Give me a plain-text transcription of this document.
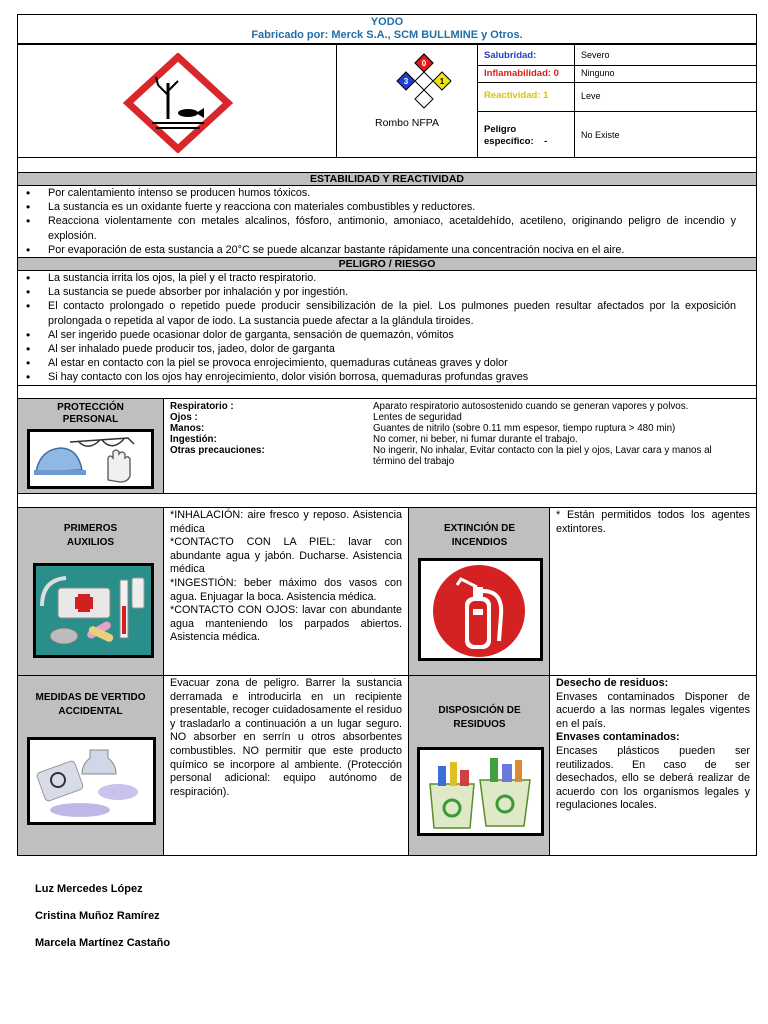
YODO
Fabricado por: Merck S.A., SCM BULLMINE y Otros.
3
0
1
Rombo NFPA
Salubridad:	Severo
Inflamabilidad: 0 Ninguno
Reactividad: 1	Leve
Peligro específico:    -
No Existe
ESTABILIDAD Y REACTIVIDAD
• Por calentamiento intenso se producen humos tóxicos.
• La sustancia es un oxidante fuerte y reacciona con materiales combustibles y reductores.
• Reacciona violentamente con metales alcalinos, fósforo, antimonio, amoniaco, acetaldehído, acetileno, originando peligro de incendio y explosión.
• Por evaporación de esta sustancia a 20°C se puede alcanzar bastante rápidamente una concentración nociva en el aire.
PELIGRO / RIESGO
• La sustancia irrita los ojos, la piel y el tracto respiratorio.
• La sustancia se puede absorber por inhalación y por ingestión.
• El contacto prolongado o repetido puede producir sensibilización de la piel. Los pulmones pueden resultar afectados por la exposición prolongada o repetida al vapor de iodo. La sustancia puede afectar a la glándula tiroides.
• Al ser ingerido puede ocasionar dolor de garganta, sensación de quemazón, vómitos
• Al ser inhalado puede producir tos, jadeo, dolor de garganta
• Al estar en contacto con la piel se provoca enrojecimiento, quemaduras cutáneas graves y dolor
• Si hay contacto con los ojos hay enrojecimiento, dolor visión borrosa, quemaduras profundas graves
PROTECCIÓN PERSONAL
Respiratorio :	Aparato respiratorio autosostenido cuando se generan vapores y polvos.
Ojos :	Lentes de seguridad
Manos:	Guantes de nitrilo (sobre 0.11 mm espesor, tiempo ruptura > 480 min)
Ingestión:	No comer, ni beber, ni fumar durante el trabajo.
Otras precauciones:	No ingerir, No inhalar, Evitar contacto con la piel y ojos, Lavar cara y manos al término del trabajo
PRIMEROS AUXILIOS
*INHALACIÓN: aire fresco y reposo. Asistencia médica
*CONTACTO CON LA PIEL: lavar con abundante agua y jabón. Ducharse. Asistencia médica
*INGESTIÓN: beber máximo dos vasos con agua. Enjuagar la boca. Asistencia médica.
*CONTACTO CON OJOS: lavar con abundante agua manteniendo los parpados abiertos. Asistencia médica.
EXTINCIÓN DE INCENDIOS
* Están permitidos todos los agentes extintores.
MEDIDAS DE VERTIDO ACCIDENTAL
Evacuar zona de peligro. Barrer la sustancia derramada e introducirla en un recipiente presentable, recoger cuidadosamente el residuo y trasladarlo a continuación a un lugar seguro. NO absorber en serrín u otros absorbentes combustibles. NO permitir que este producto químico se incorpore al ambiente. (Protección personal adicional: equipo autónomo de respiración).
DISPOSICIÓN DE RESIDUOS
Desecho de residuos:
Envases contaminados Disponer de acuerdo a las normas legales vigentes en el país.
Envases contaminados:
Encases plásticos pueden ser reutilizados. En caso de ser desechados, ello se deberá realizar de acuerdo con los organismos legales y regulaciones locales.
Luz Mercedes López
Cristina Muñoz Ramírez
Marcela Martínez Castaño
